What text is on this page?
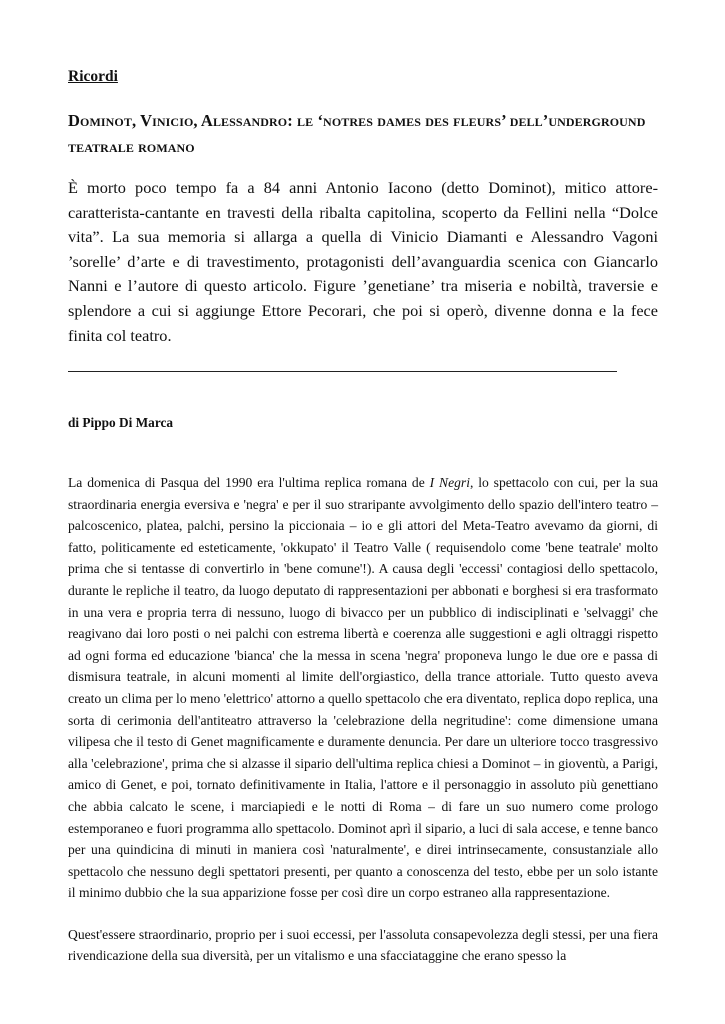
Ricordi
Dominot, Vinicio, Alessandro: le ‘notres dames des fleurs’ dell’underground teatrale romano

È morto poco tempo fa a 84 anni Antonio Iacono (detto Dominot), mitico attore-caratterista-cantante en travesti della ribalta capitolina, scoperto da Fellini nella “Dolce vita”. La sua memoria si allarga a quella di Vinicio Diamanti e Alessandro Vagoni ’sorelle’ d’arte e di travestimento, protagonisti dell’avanguardia scenica con Giancarlo Nanni e l’autore di questo articolo. Figure ’genetiane’ tra miseria e nobiltà, traversie e splendore a cui si aggiunge Ettore Pecorari, che poi si operò, divenne donna e la fece finita col teatro.

di Pippo Di Marca

La domenica di Pasqua del 1990 era l'ultima replica romana de I Negri, lo spettacolo con cui, per la sua straordinaria energia eversiva e 'negra' e per il suo straripante avvolgimento dello spazio dell'intero teatro – palcoscenico, platea, palchi, persino la piccionaia – io e gli attori del Meta-Teatro avevamo da giorni, di fatto, politicamente ed esteticamente, 'okkupato' il Teatro Valle ( requisendolo come 'bene teatrale' molto prima che si tentasse di convertirlo in 'bene comune'!). A causa degli 'eccessi' contagiosi dello spettacolo, durante le repliche il teatro, da luogo deputato di rappresentazioni per abbonati e borghesi si era trasformato in una vera e propria terra di nessuno, luogo di bivacco per un pubblico di indisciplinati e 'selvaggi' che reagivano dai loro posti o nei palchi con estrema libertà e coerenza alle suggestioni e agli oltraggi rispetto ad ogni forma ed educazione 'bianca' che la messa in scena 'negra' proponeva lungo le due ore e passa di dismisura teatrale, in alcuni momenti al limite dell'orgiastico, della trance attoriale. Tutto questo aveva creato un clima per lo meno 'elettrico' attorno a quello spettacolo che era diventato, replica dopo replica, una sorta di cerimonia dell'antiteatro attraverso la 'celebrazione della negritudine': come dimensione umana vilipesa che il testo di Genet magnificamente e duramente denuncia. Per dare un ulteriore tocco trasgressivo alla 'celebrazione', prima che si alzasse il sipario dell'ultima replica chiesi a Dominot – in gioventù, a Parigi, amico di Genet, e poi, tornato definitivamente in Italia, l'attore e il personaggio in assoluto più genettiano che abbia calcato le scene, i marciapiedi e le notti di Roma – di fare un suo numero come prologo estemporaneo e fuori programma allo spettacolo. Dominot aprì il sipario, a luci di sala accese, e tenne banco per una quindicina di minuti in maniera così 'naturalmente', e direi intrinsecamente, consustanziale allo spettacolo che nessuno degli spettatori presenti, per quanto a conoscenza del testo, ebbe per un solo istante il minimo dubbio che la sua apparizione fosse per così dire un corpo estraneo alla rappresentazione.

Quest'essere straordinario, proprio per i suoi eccessi, per l'assoluta consapevolezza degli stessi, per una fiera rivendicazione della sua diversità, per un vitalismo e una sfacciataggine che erano spesso la
